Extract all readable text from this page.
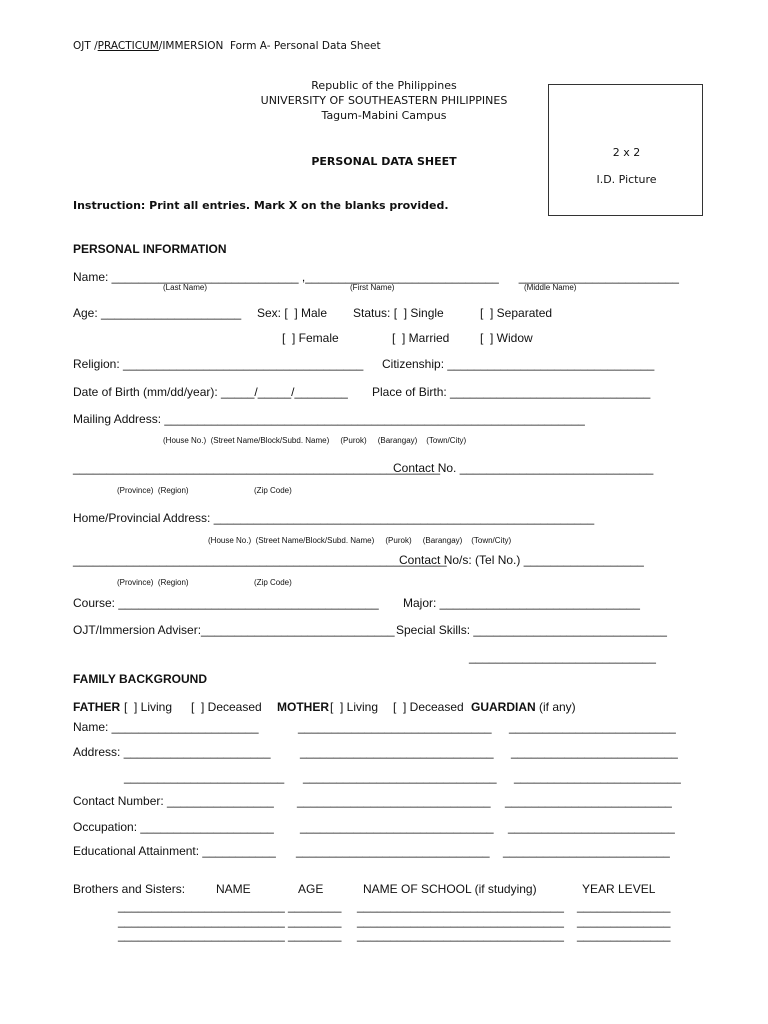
OJT /PRACTICUM/IMMERSION  Form A- Personal Data Sheet
Republic of the Philippines
UNIVERSITY OF SOUTHEASTERN PHILIPPINES
Tagum-Mabini Campus
PERSONAL DATA SHEET
2 x 2
I.D. Picture
Instruction: Print all entries. Mark X on the blanks provided.
PERSONAL INFORMATION
Name: ____________________________ ,_____________________________      ________________________
(Last Name)	(First Name)	(Middle Name)
Age: _____________________ Sex: [  ] Male Status: [  ] Single	[  ] Separated
[  ] Female	[  ] Married	[  ] Widow
Religion: ____________________________________ Citizenship: _______________________________
Date of Birth (mm/dd/year): _____/_____/________ Place of Birth: ______________________________
Mailing Address: _______________________________________________________________
(House No.)  (Street Name/Block/Subd. Name)     (Purok)     (Barangay)    (Town/City)
_______________________________________________________
Contact No. _____________________________
(Province)  (Region)	(Zip Code)
Home/Provincial Address: _________________________________________________________
(House No.)  (Street Name/Block/Subd. Name)     (Purok)     (Barangay)    (Town/City)
________________________________________________________
Contact No/s: (Tel No.) __________________
(Province)  (Region)	(Zip Code)
Course: _______________________________________ Major: ______________________________
OJT/Immersion Adviser:_____________________________ Special Skills: _____________________________
____________________________
FAMILY BACKGROUND
FATHER [  ] Living [  ] Deceased MOTHER [  ] Living [  ] Deceased GUARDIAN (if any)
Name: ______________________	_____________________________ _________________________
Address: ______________________ _____________________________ _________________________
________________________ _____________________________ _________________________
Contact Number: ________________ _____________________________ _________________________
Occupation: ____________________ _____________________________ _________________________
Educational Attainment: ___________ _____________________________ _________________________
Brothers and Sisters:	NAME	AGE	NAME OF SCHOOL (if studying)	YEAR LEVEL
_________________________ ________ _______________________________ ______________
_________________________ ________ _______________________________ ______________
_________________________ ________ _______________________________ ______________
